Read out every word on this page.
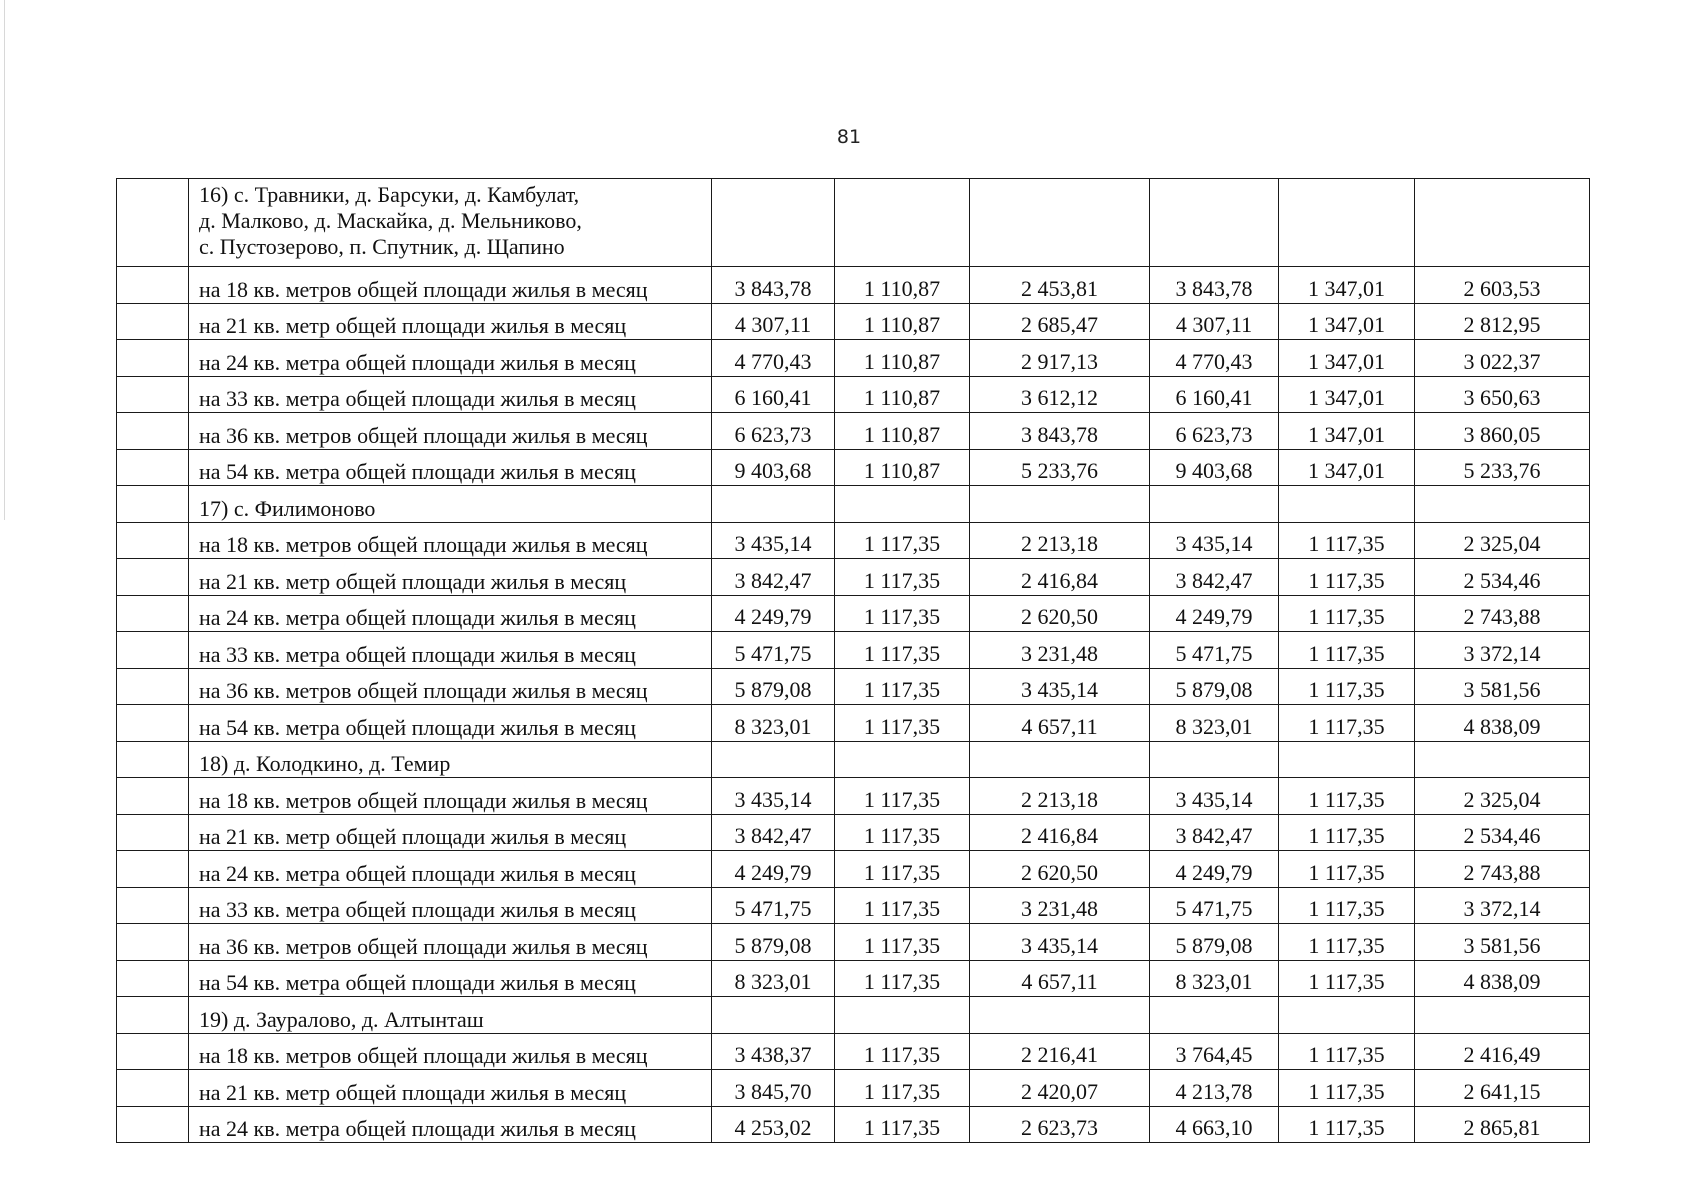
81
	16) с. Травники, д. Барсуки, д. Камбулат,
д. Малково, д. Маскайка, д. Мельниково,
с. Пустозерово, п. Спутник, д. Щапино						
	на 18 кв. метров общей площади жилья в месяц	3 843,78	1 110,87	2 453,81	3 843,78	1 347,01	2 603,53
	на 21 кв. метр общей площади жилья в месяц	4 307,11	1 110,87	2 685,47	4 307,11	1 347,01	2 812,95
	на 24 кв. метра общей площади жилья в месяц	4 770,43	1 110,87	2 917,13	4 770,43	1 347,01	3 022,37
	на 33 кв. метра общей площади жилья в месяц	6 160,41	1 110,87	3 612,12	6 160,41	1 347,01	3 650,63
	на 36 кв. метров общей площади жилья в месяц	6 623,73	1 110,87	3 843,78	6 623,73	1 347,01	3 860,05
	на 54 кв. метра общей площади жилья в месяц	9 403,68	1 110,87	5 233,76	9 403,68	1 347,01	5 233,76
	17) с. Филимоново						
	на 18 кв. метров общей площади жилья в месяц	3 435,14	1 117,35	2 213,18	3 435,14	1 117,35	2 325,04
	на 21 кв. метр общей площади жилья в месяц	3 842,47	1 117,35	2 416,84	3 842,47	1 117,35	2 534,46
	на 24 кв. метра общей площади жилья в месяц	4 249,79	1 117,35	2 620,50	4 249,79	1 117,35	2 743,88
	на 33 кв. метра общей площади жилья в месяц	5 471,75	1 117,35	3 231,48	5 471,75	1 117,35	3 372,14
	на 36 кв. метров общей площади жилья в месяц	5 879,08	1 117,35	3 435,14	5 879,08	1 117,35	3 581,56
	на 54 кв. метра общей площади жилья в месяц	8 323,01	1 117,35	4 657,11	8 323,01	1 117,35	4 838,09
	18) д. Колодкино, д. Темир						
	на 18 кв. метров общей площади жилья в месяц	3 435,14	1 117,35	2 213,18	3 435,14	1 117,35	2 325,04
	на 21 кв. метр общей площади жилья в месяц	3 842,47	1 117,35	2 416,84	3 842,47	1 117,35	2 534,46
	на 24 кв. метра общей площади жилья в месяц	4 249,79	1 117,35	2 620,50	4 249,79	1 117,35	2 743,88
	на 33 кв. метра общей площади жилья в месяц	5 471,75	1 117,35	3 231,48	5 471,75	1 117,35	3 372,14
	на 36 кв. метров общей площади жилья в месяц	5 879,08	1 117,35	3 435,14	5 879,08	1 117,35	3 581,56
	на 54 кв. метра общей площади жилья в месяц	8 323,01	1 117,35	4 657,11	8 323,01	1 117,35	4 838,09
	19) д. Зауралово, д. Алтынташ						
	на 18 кв. метров общей площади жилья в месяц	3 438,37	1 117,35	2 216,41	3 764,45	1 117,35	2 416,49
	на 21 кв. метр общей площади жилья в месяц	3 845,70	1 117,35	2 420,07	4 213,78	1 117,35	2 641,15
	на 24 кв. метра общей площади жилья в месяц	4 253,02	1 117,35	2 623,73	4 663,10	1 117,35	2 865,81
